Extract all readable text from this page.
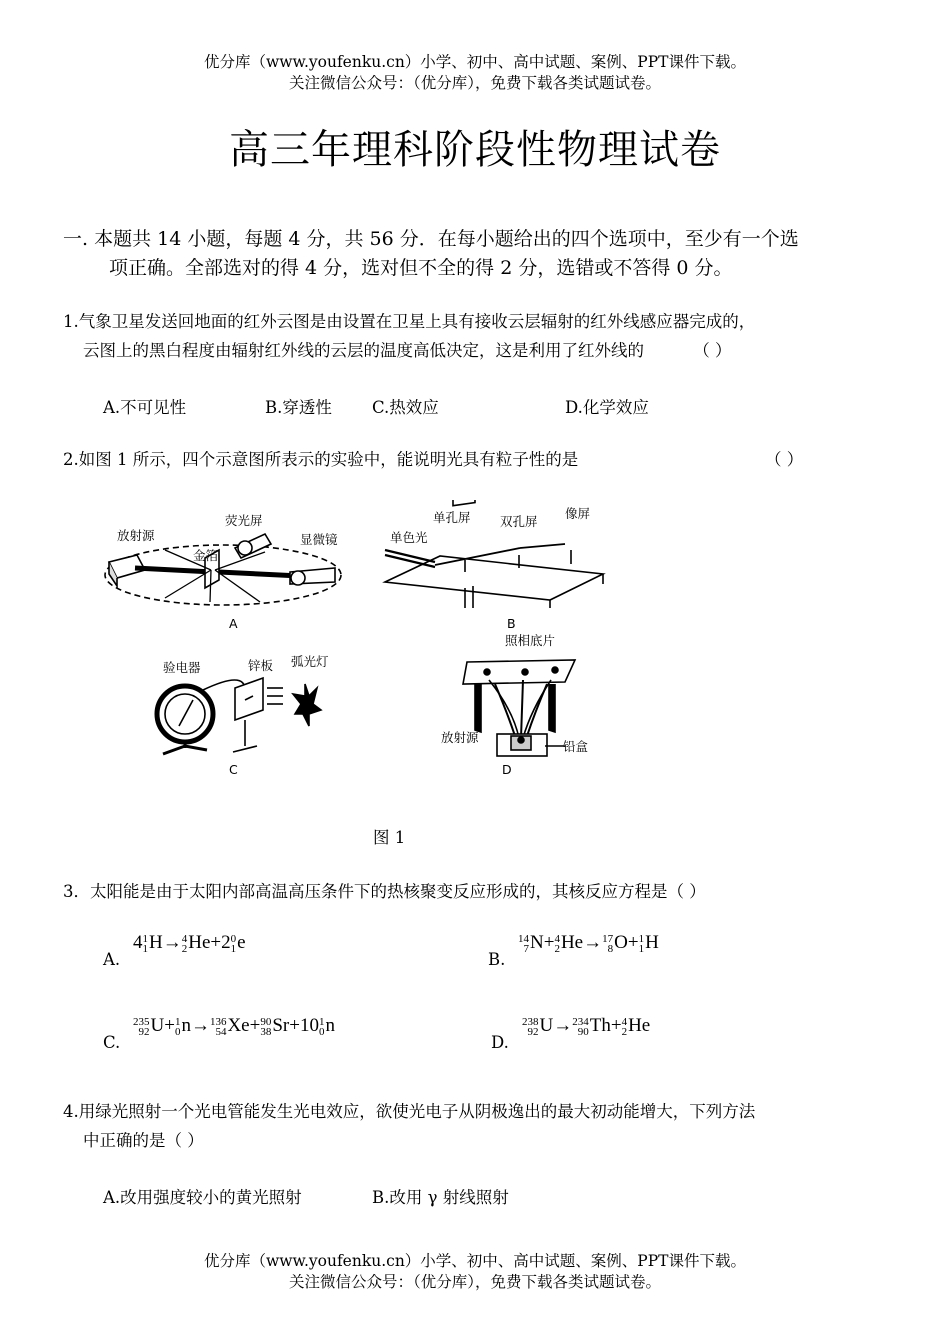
优分库（www.youfenku.cn）小学、初中、高中试题、案例、PPT课件下载。
关注微信公众号：（优分库），免费下载各类试题试卷。
高三年理科阶段性物理试卷
一. 本题共 14 小题，每题 4 分，共 56 分．在每小题给出的四个选项中，至少有一个选
项正确。全部选对的得 4 分，选对但不全的得 2 分，选错或不答得 0 分。
1.气象卫星发送回地面的红外云图是由设置在卫星上具有接收云层辐射的红外线感应器完成的，
云图上的黑白程度由辐射红外线的云层的温度高低决定，这是利用了红外线的	（ ）
A.不可见性	B.穿透性 C.热效应	D.化学效应
2.如图 1 所示，四个示意图所表示的实验中，能说明光具有粒子性的是	（ ）
放射源
荧光屏
显微镜
金箔
A
单孔屏 双孔屏
像屏
单色光
B
验电器	锌板 弧光灯
C
照相底片
放射源
铅盒
D
图 1
3．太阳能是由于太阳内部高温高压条件下的热核聚变反应形成的，其核反应方程是（ ）
A.
4 1
1 H→ 4
2 He+2 0
1 e
B.
14
7 N+ 4
2 He→ 17
8 O+ 1
1 H
C.
235
92 U+ 1
0 n→ 136
54 Xe+ 90
38 Sr+10 1
0 n
D.
238
92 U→ 234
90 Th+ 4
2 He
4.用绿光照射一个光电管能发生光电效应，欲使光电子从阴极逸出的最大初动能增大，下列方法
中正确的是（ ）
A.改用强度较小的黄光照射	B.改用 γ 射线照射
优分库（www.youfenku.cn）小学、初中、高中试题、案例、PPT课件下载。
关注微信公众号：（优分库），免费下载各类试题试卷。
